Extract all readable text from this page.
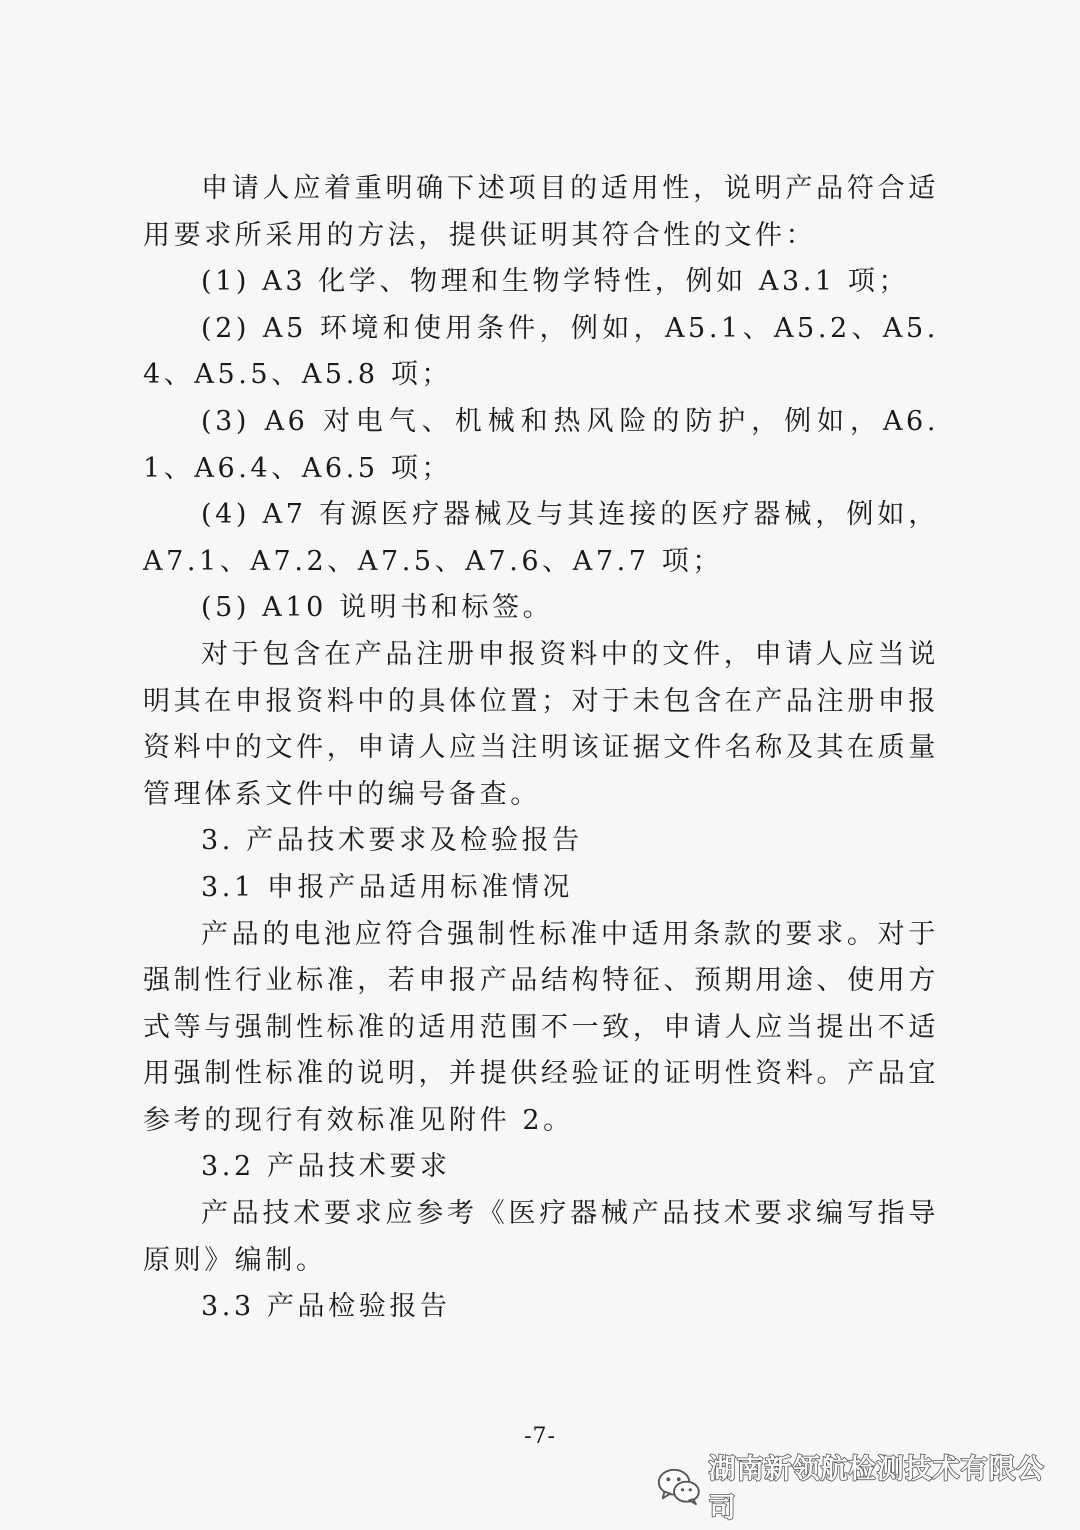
申请人应着重明确下述项目的适用性，说明产品符合适用要求所采用的方法，提供证明其符合性的文件：

(1) A3 化学、物理和生物学特性，例如 A3.1 项；

(2) A5 环境和使用条件，例如，A5.1、A5.2、A5.4、A5.5、A5.8 项；

(3) A6 对电气、机械和热风险的防护，例如，A6.1、A6.4、A6.5 项；

(4) A7 有源医疗器械及与其连接的医疗器械，例如，A7.1、A7.2、A7.5、A7.6、A7.7 项；

(5) A10 说明书和标签。

对于包含在产品注册申报资料中的文件，申请人应当说明其在申报资料中的具体位置；对于未包含在产品注册申报资料中的文件，申请人应当注明该证据文件名称及其在质量管理体系文件中的编号备查。

3. 产品技术要求及检验报告

3.1 申报产品适用标准情况

产品的电池应符合强制性标准中适用条款的要求。对于强制性行业标准，若申报产品结构特征、预期用途、使用方式等与强制性标准的适用范围不一致，申请人应当提出不适用强制性标准的说明，并提供经验证的证明性资料。产品宜参考的现行有效标准见附件 2。

3.2 产品技术要求

产品技术要求应参考《医疗器械产品技术要求编写指导原则》编制。

3.3 产品检验报告

-7-
湖南新领航检测技术有限公司
